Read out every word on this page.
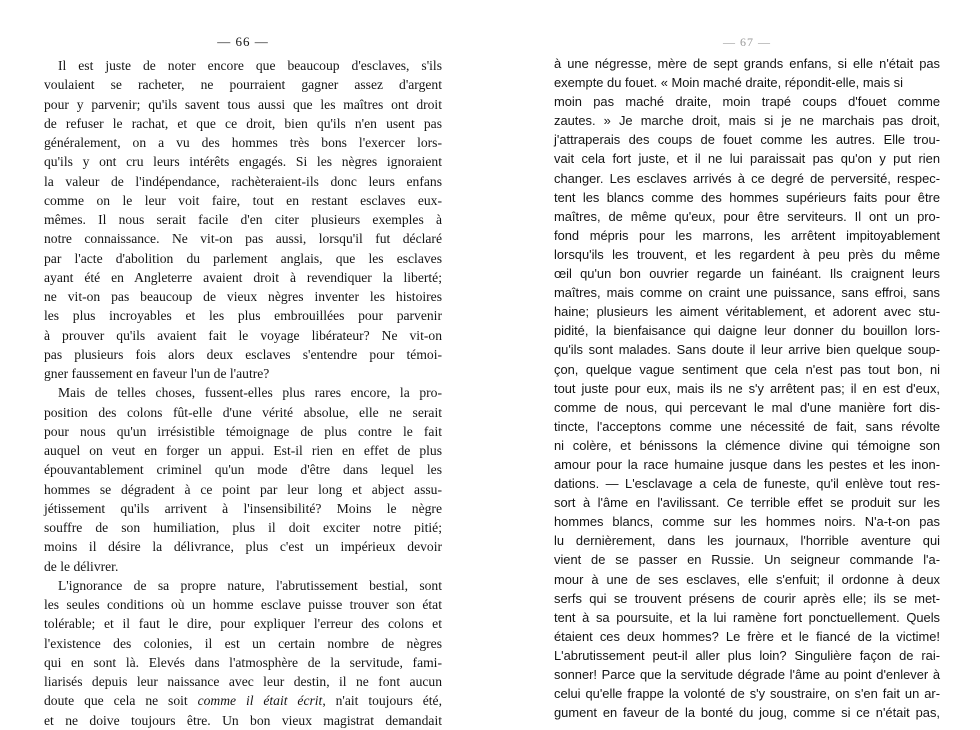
— 66 —
Il est juste de noter encore que beaucoup d'esclaves, s'ils
voulaient se racheter, ne pourraient gagner assez d'argent
pour y parvenir; qu'ils savent tous aussi que les maîtres ont droit
de refuser le rachat, et que ce droit, bien qu'ils n'en usent pas
généralement, on a vu des hommes très bons l'exercer lors-
qu'ils y ont cru leurs intérêts engagés. Si les nègres ignoraient
la valeur de l'indépendance, rachèteraient-ils donc leurs enfans
comme on le leur voit faire, tout en restant esclaves eux-
mêmes. Il nous serait facile d'en citer plusieurs exemples à
notre connaissance. Ne vit-on pas aussi, lorsqu'il fut déclaré
par l'acte d'abolition du parlement anglais, que les esclaves
ayant été en Angleterre avaient droit à revendiquer la liberté;
ne vit-on pas beaucoup de vieux nègres inventer les histoires
les plus incroyables et les plus embrouillées pour parvenir
à prouver qu'ils avaient fait le voyage libérateur? Ne vit-on
pas plusieurs fois alors deux esclaves s'entendre pour témoi-
gner faussement en faveur l'un de l'autre?
Mais de telles choses, fussent-elles plus rares encore, la pro-
position des colons fût-elle d'une vérité absolue, elle ne serait
pour nous qu'un irrésistible témoignage de plus contre le fait
auquel on veut en forger un appui. Est-il rien en effet de plus
épouvantablement criminel qu'un mode d'être dans lequel les
hommes se dégradent à ce point par leur long et abject assu-
jétissement qu'ils arrivent à l'insensibilité? Moins le nègre
souffre de son humiliation, plus il doit exciter notre pitié;
moins il désire la délivrance, plus c'est un impérieux devoir
de le délivrer.
L'ignorance de sa propre nature, l'abrutissement bestial, sont
les seules conditions où un homme esclave puisse trouver son état
tolérable; et il faut le dire, pour expliquer l'erreur des colons et
l'existence des colonies, il est un certain nombre de nègres
qui en sont là. Elevés dans l'atmosphère de la servitude, fami-
liarisés depuis leur naissance avec leur destin, il ne font aucun
doute que cela ne soit comme il était écrit, n'ait toujours été,
et ne doive toujours être. Un bon vieux magistrat demandait
— 67 —
à une négresse, mère de sept grands enfans, si elle n'était pas
exempte du fouet. « Moin maché draite, répondit-elle, mais si
moin pas maché draite, moin trapé coups d'fouet comme
zautes. » Je marche droit, mais si je ne marchais pas droit,
j'attraperais des coups de fouet comme les autres. Elle trou-
vait cela fort juste, et il ne lui paraissait pas qu'on y put rien
changer. Les esclaves arrivés à ce degré de perversité, respec-
tent les blancs comme des hommes supérieurs faits pour être
maîtres, de même qu'eux, pour être serviteurs. Il ont un pro-
fond mépris pour les marrons, les arrêtent impitoyablement
lorsqu'ils les trouvent, et les regardent à peu près du même
œil qu'un bon ouvrier regarde un fainéant. Ils craignent leurs
maîtres, mais comme on craint une puissance, sans effroi, sans
haine; plusieurs les aiment véritablement, et adorent avec stu-
pidité, la bienfaisance qui daigne leur donner du bouillon lors-
qu'ils sont malades. Sans doute il leur arrive bien quelque soup-
çon, quelque vague sentiment que cela n'est pas tout bon, ni
tout juste pour eux, mais ils ne s'y arrêtent pas; il en est d'eux,
comme de nous, qui percevant le mal d'une manière fort dis-
tincte, l'acceptons comme une nécessité de fait, sans révolte
ni colère, et bénissons la clémence divine qui témoigne son
amour pour la race humaine jusque dans les pestes et les inon-
dations. — L'esclavage a cela de funeste, qu'il enlève tout res-
sort à l'âme en l'avilissant. Ce terrible effet se produit sur les
hommes blancs, comme sur les hommes noirs. N'a-t-on pas
lu dernièrement, dans les journaux, l'horrible aventure qui
vient de se passer en Russie. Un seigneur commande l'a-
mour à une de ses esclaves, elle s'enfuit; il ordonne à deux
serfs qui se trouvent présens de courir après elle; ils se met-
tent à sa poursuite, et la lui ramène fort ponctuellement. Quels
étaient ces deux hommes? Le frère et le fiancé de la victime!
L'abrutissement peut-il aller plus loin? Singulière façon de rai-
sonner! Parce que la servitude dégrade l'âme au point d'enlever à
celui qu'elle frappe la volonté de s'y soustraire, on s'en fait un ar-
gument en faveur de la bonté du joug, comme si ce n'était pas,
